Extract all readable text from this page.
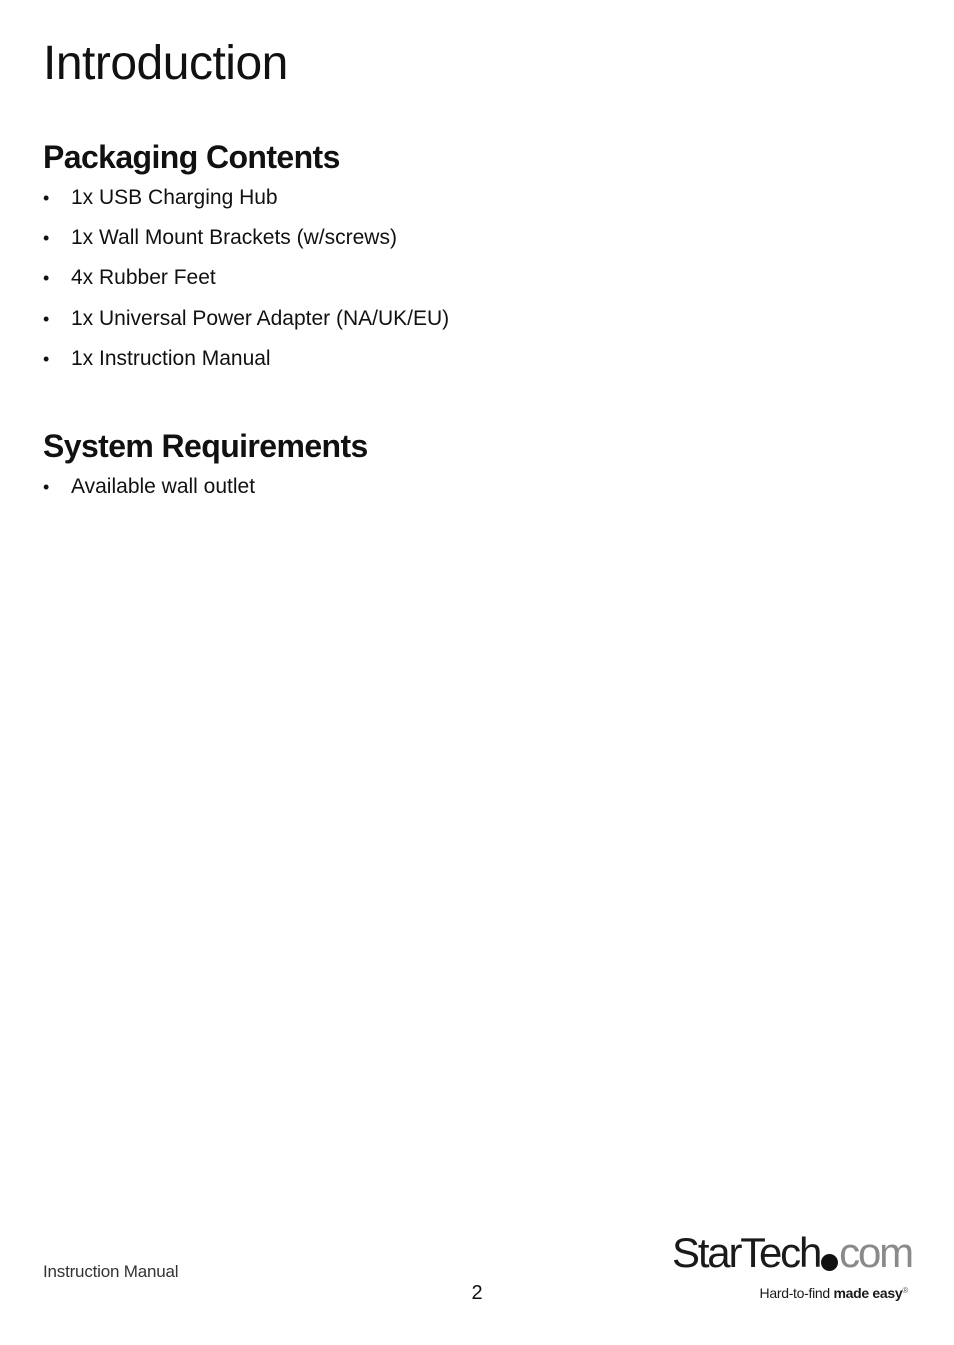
Introduction
Packaging Contents
• 1x USB Charging Hub
• 1x Wall Mount Brackets (w/screws)
• 4x Rubber Feet
• 1x Universal Power Adapter (NA/UK/EU)
• 1x Instruction Manual
System Requirements
• Available wall outlet
Instruction Manual
2
StarTech com
Hard-to-find made easy®
